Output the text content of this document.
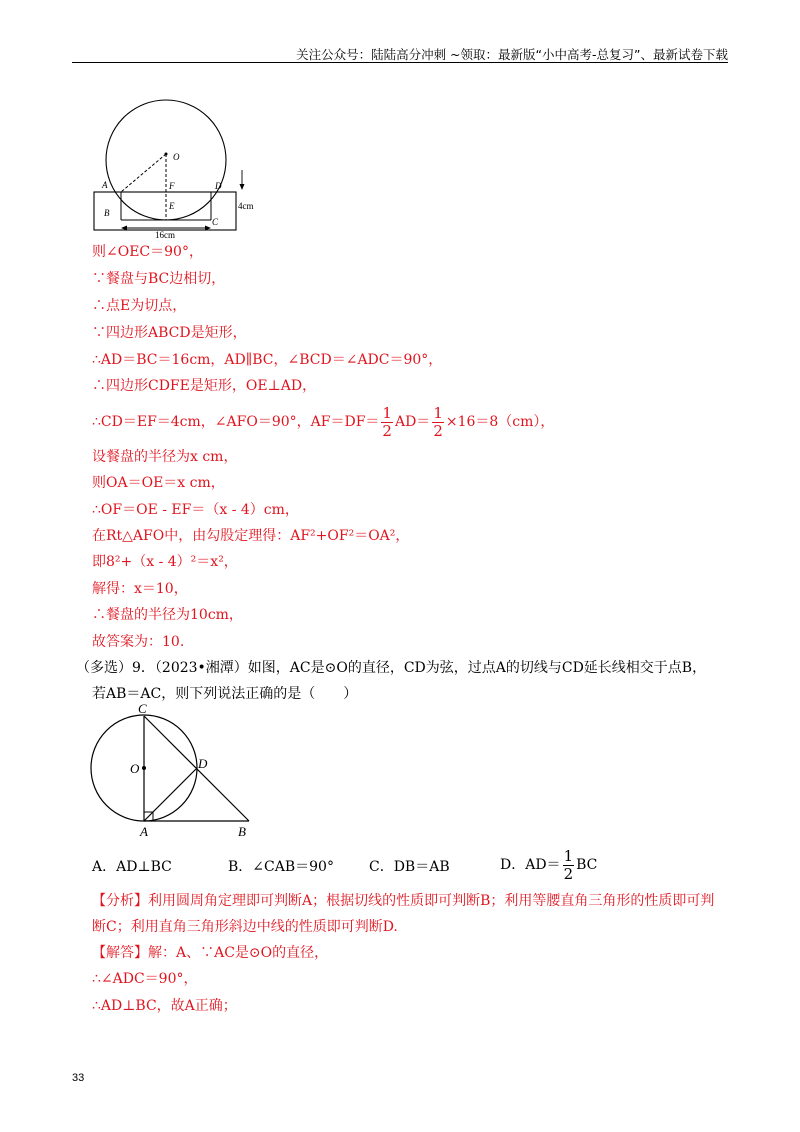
关注公众号：陆陆高分冲刺 ~领取：最新版“小中高考-总复习”、最新试卷下载
O
A
B
C
D
E
F
16cm
4cm
则∠OEC＝90°，
∵餐盘与BC边相切，
∴点E为切点，
∵四边形ABCD是矩形，
∴AD＝BC＝16cm，AD∥BC，∠BCD＝∠ADC＝90°，
∴四边形CDFE是矩形，OE⊥AD，
∴CD＝EF＝4cm，∠AFO＝90°，$AF=DF= \frac{1}{2} AD= \frac{1}{2} \times 16=8(cm)$，
设餐盘的半径为x cm，
则OA＝OE＝x cm，
∴OF＝OE - EF＝（x - 4）cm，
在Rt△AFO中，由勾股定理得：AF²+OF²＝OA²，
即8²+（x - 4）²＝x²，
解得：x＝10，
∴餐盘的半径为10cm，
故答案为：10.
（多选）9．（2023•湘潭）如图，AC是⊙O的直径，CD为弦，过点A的切线与CD延长线相交于点B，
若AB＝AC，则下列说法正确的是（　　）
C
O	D
A	B
A．AD⊥BC	B．∠CAB＝90°	C．DB＝AB	D．$AD= \frac{1}{2}$ BC
【分析】利用圆周角定理即可判断A；根据切线的性质即可判断B；利用等腰直角三角形的性质即可判
断C；利用直角三角形斜边中线的性质即可判断D.
【解答】解：A、∵AC是⊙O的直径，
∴∠ADC＝90°，
∴AD⊥BC，故A正确；
33
